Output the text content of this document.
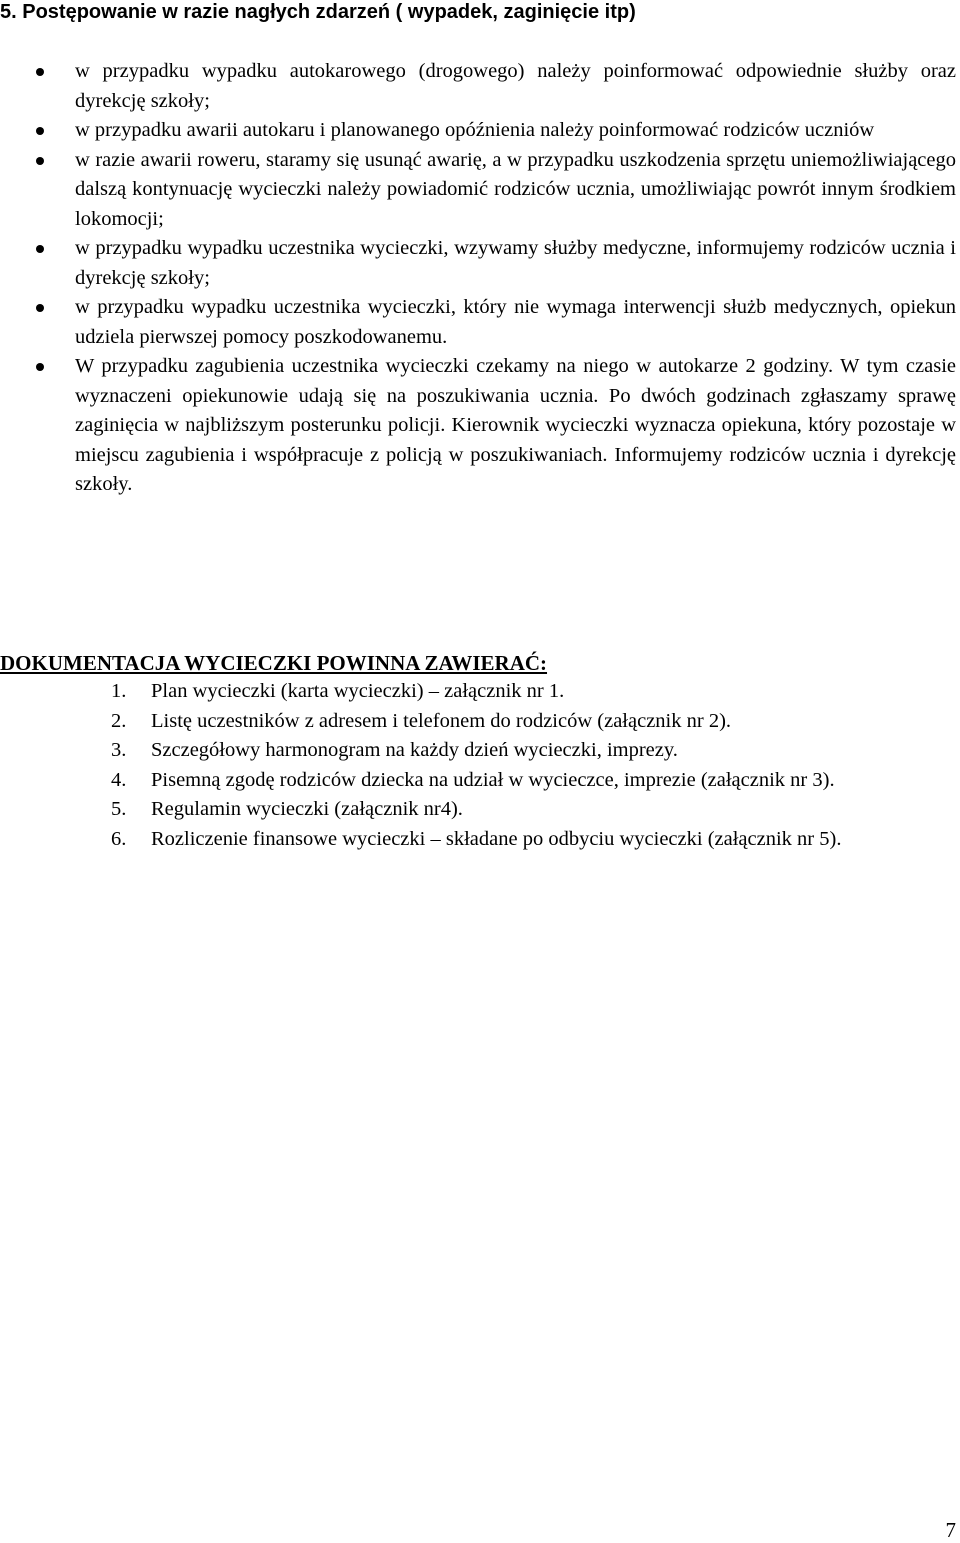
5. Postępowanie w razie nagłych zdarzeń ( wypadek, zaginięcie itp)
w przypadku wypadku autokarowego (drogowego) należy poinformować odpowiednie służby oraz dyrekcję szkoły;
w przypadku awarii autokaru i planowanego opóźnienia należy poinformować rodziców uczniów
w razie awarii roweru, staramy się usunąć awarię, a w przypadku uszkodzenia sprzętu uniemożliwiającego dalszą kontynuację wycieczki należy powiadomić rodziców ucznia, umożliwiając powrót innym środkiem lokomocji;
w przypadku wypadku uczestnika wycieczki, wzywamy służby medyczne, informujemy rodziców ucznia i dyrekcję szkoły;
w przypadku wypadku uczestnika wycieczki, który nie wymaga interwencji służb medycznych, opiekun udziela pierwszej pomocy poszkodowanemu.
W przypadku zagubienia uczestnika wycieczki czekamy na niego w autokarze 2 godziny. W tym czasie wyznaczeni opiekunowie udają się na poszukiwania ucznia. Po dwóch godzinach zgłaszamy sprawę zaginięcia w najbliższym posterunku policji. Kierownik wycieczki wyznacza opiekuna, który pozostaje w miejscu zagubienia i współpracuje z policją w poszukiwaniach. Informujemy rodziców ucznia i dyrekcję szkoły.
DOKUMENTACJA WYCIECZKI POWINNA ZAWIERAĆ:
1. Plan wycieczki (karta wycieczki) – załącznik nr 1.
2. Listę uczestników z adresem i telefonem do rodziców (załącznik nr 2).
3. Szczegółowy harmonogram na każdy dzień wycieczki, imprezy.
4. Pisemną zgodę rodziców dziecka na udział w wycieczce, imprezie (załącznik nr 3).
5. Regulamin wycieczki (załącznik nr4).
6. Rozliczenie finansowe wycieczki – składane po odbyciu wycieczki (załącznik nr 5).
7
